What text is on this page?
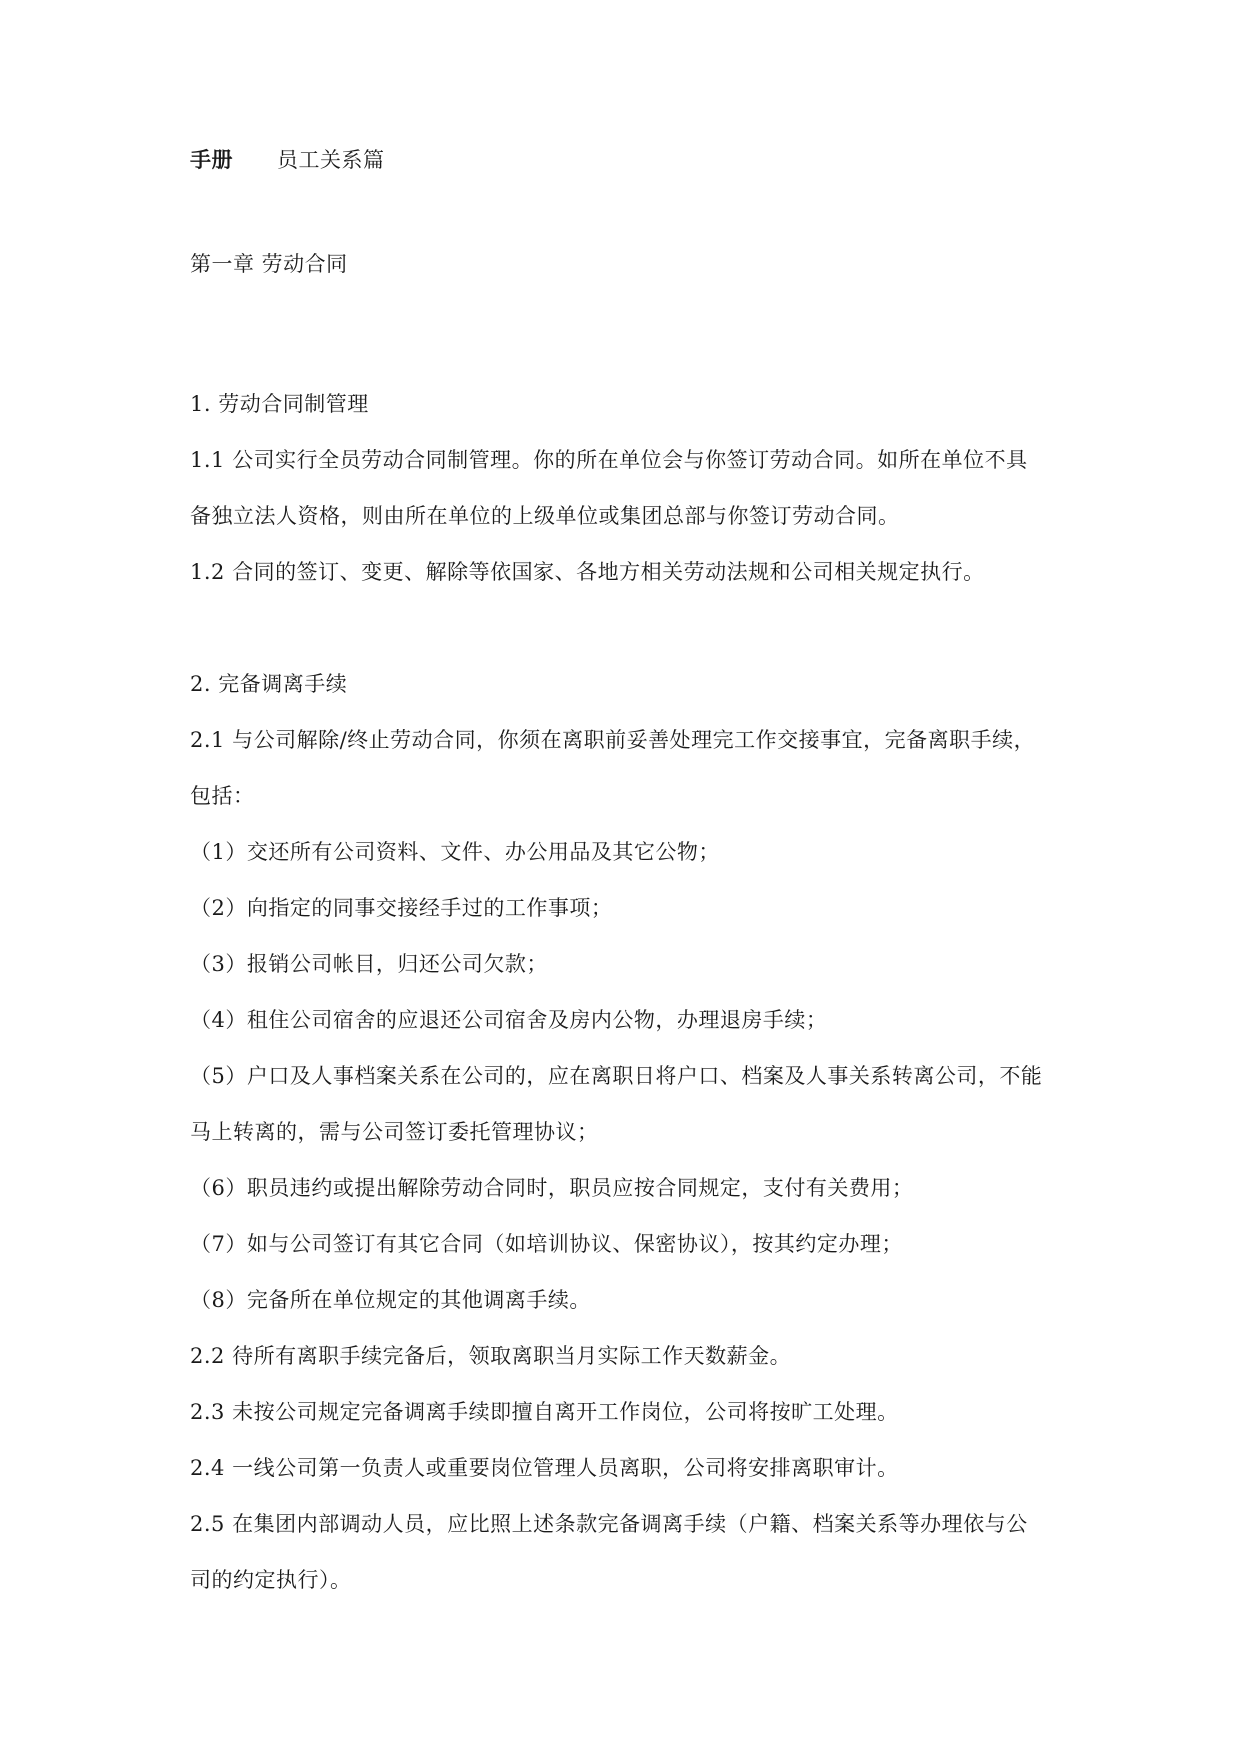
手册 员工关系篇
第一章 劳动合同
1. 劳动合同制管理
1.1 公司实行全员劳动合同制管理。你的所在单位会与你签订劳动合同。如所在单位不具
备独立法人资格，则由所在单位的上级单位或集团总部与你签订劳动合同。
1.2 合同的签订、变更、解除等依国家、各地方相关劳动法规和公司相关规定执行。
2. 完备调离手续
2.1 与公司解除/终止劳动合同，你须在离职前妥善处理完工作交接事宜，完备离职手续，
包括：
（1）交还所有公司资料、文件、办公用品及其它公物；
（2）向指定的同事交接经手过的工作事项；
（3）报销公司帐目，归还公司欠款；
（4）租住公司宿舍的应退还公司宿舍及房内公物，办理退房手续；
（5）户口及人事档案关系在公司的，应在离职日将户口、档案及人事关系转离公司，不能
马上转离的，需与公司签订委托管理协议；
（6）职员违约或提出解除劳动合同时，职员应按合同规定，支付有关费用；
（7）如与公司签订有其它合同（如培训协议、保密协议），按其约定办理；
（8）完备所在单位规定的其他调离手续。
2.2 待所有离职手续完备后，领取离职当月实际工作天数薪金。
2.3 未按公司规定完备调离手续即擅自离开工作岗位，公司将按旷工处理。
2.4 一线公司第一负责人或重要岗位管理人员离职，公司将安排离职审计。
2.5 在集团内部调动人员，应比照上述条款完备调离手续（户籍、档案关系等办理依与公
司的约定执行）。
